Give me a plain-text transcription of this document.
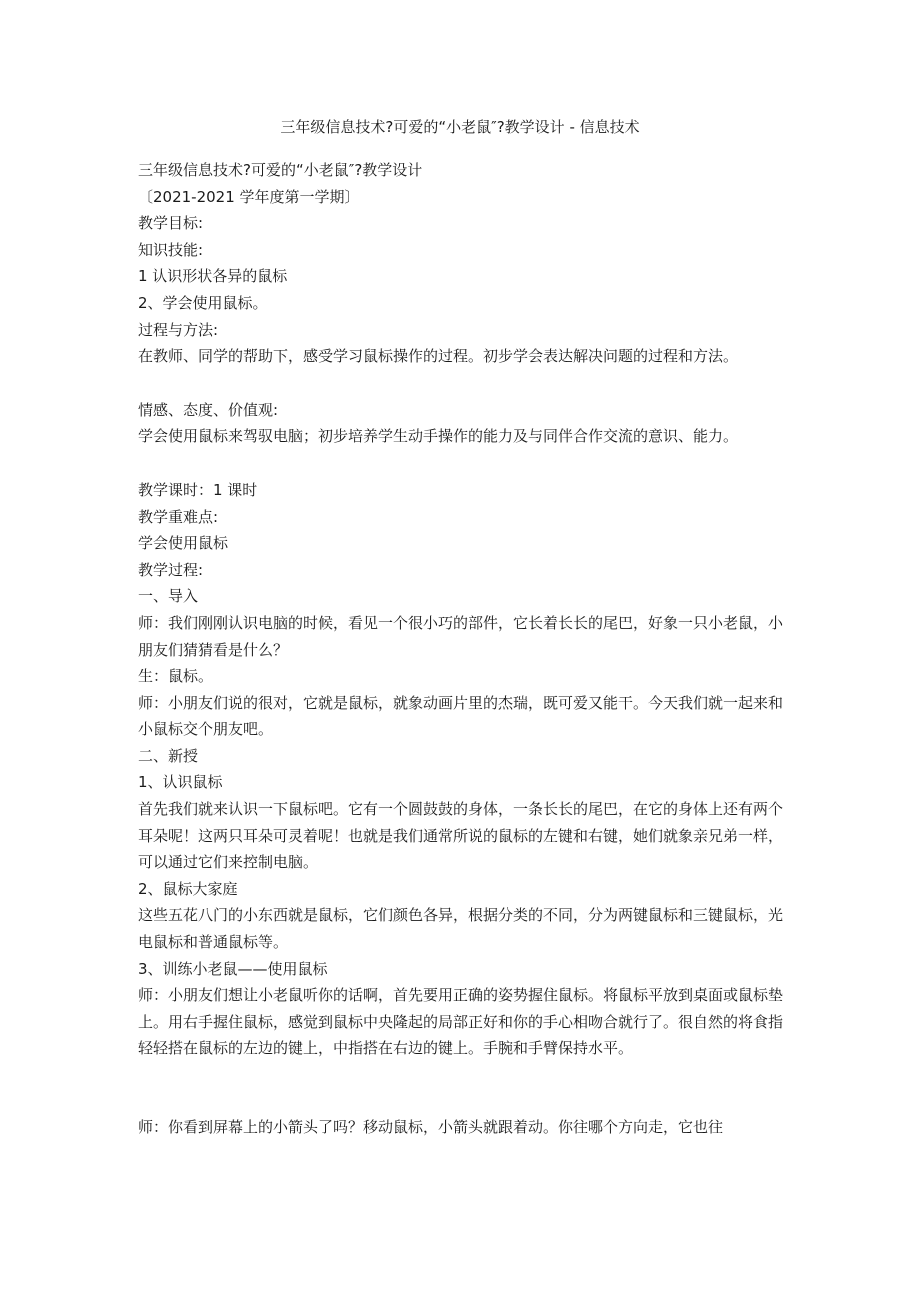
三年级信息技术?可爱的“小老鼠″?教学设计 - 信息技术

三年级信息技术?可爱的“小老鼠″?教学设计

〔2021-2021 学年度第一学期〕

教学目标:

知识技能:

1 认识形状各异的鼠标

2、学会使用鼠标。

过程与方法:

在教师、同学的帮助下，感受学习鼠标操作的过程。初步学会表达解决问题的过程和方法。

情感、态度、价值观:

学会使用鼠标来驾驭电脑；初步培养学生动手操作的能力及与同伴合作交流的意识、能力。

教学课时：1 课时

教学重难点:

学会使用鼠标

教学过程:

一、导入

师：我们刚刚认识电脑的时候，看见一个很小巧的部件，它长着长长的尾巴，好象一只小老鼠，小朋友们猜猜看是什么？

生：鼠标。

师：小朋友们说的很对，它就是鼠标，就象动画片里的杰瑞，既可爱又能干。今天我们就一起来和小鼠标交个朋友吧。

二、新授

1、认识鼠标

首先我们就来认识一下鼠标吧。它有一个圆鼓鼓的身体，一条长长的尾巴，在它的身体上还有两个耳朵呢！这两只耳朵可灵着呢！也就是我们通常所说的鼠标的左键和右键，她们就象亲兄弟一样，可以通过它们来控制电脑。

2、鼠标大家庭

这些五花八门的小东西就是鼠标，它们颜色各异，根据分类的不同，分为两键鼠标和三键鼠标，光电鼠标和普通鼠标等。

3、训练小老鼠——使用鼠标

师：小朋友们想让小老鼠听你的话啊，首先要用正确的姿势握住鼠标。将鼠标平放到桌面或鼠标垫上。用右手握住鼠标，感觉到鼠标中央隆起的局部正好和你的手心相吻合就行了。很自然的将食指轻轻搭在鼠标的左边的键上，中指搭在右边的键上。手腕和手臂保持水平。

师：你看到屏幕上的小箭头了吗？移动鼠标，小箭头就跟着动。你往哪个方向走，它也往
